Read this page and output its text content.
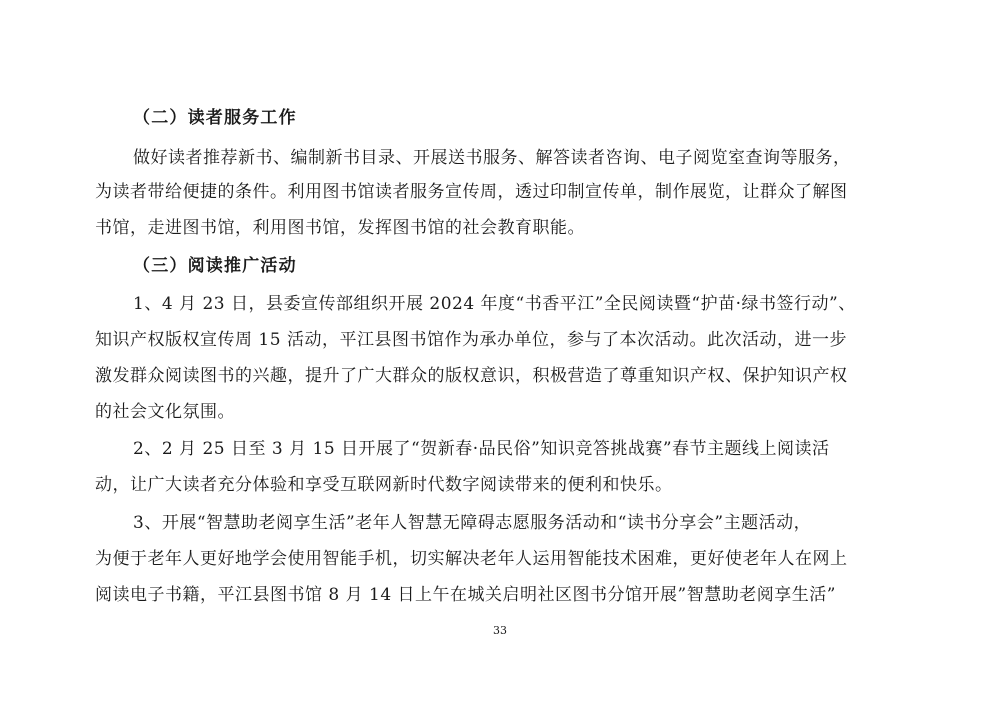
（二）读者服务工作
做好读者推荐新书、编制新书目录、开展送书服务、解答读者咨询、电子阅览室查询等服务，
为读者带给便捷的条件。利用图书馆读者服务宣传周，透过印制宣传单，制作展览，让群众了解图
书馆，走进图书馆，利用图书馆，发挥图书馆的社会教育职能。
（三）阅读推广活动
1、4 月 23 日，县委宣传部组织开展 2024 年度“书香平江”全民阅读暨“护苗·绿书签行动”、
知识产权版权宣传周 15 活动，平江县图书馆作为承办单位，参与了本次活动。此次活动，进一步
激发群众阅读图书的兴趣，提升了广大群众的版权意识，积极营造了尊重知识产权、保护知识产权
的社会文化氛围。
2、2 月 25 日至 3 月 15 日开展了“贺新春·品民俗”知识竞答挑战赛”春节主题线上阅读活
动，让广大读者充分体验和享受互联网新时代数字阅读带来的便利和快乐。
3、开展“智慧助老阅享生活”老年人智慧无障碍志愿服务活动和“读书分享会”主题活动，
为便于老年人更好地学会使用智能手机，切实解决老年人运用智能技术困难，更好使老年人在网上
阅读电子书籍，平江县图书馆 8 月 14 日上午在城关启明社区图书分馆开展”智慧助老阅享生活”
33
